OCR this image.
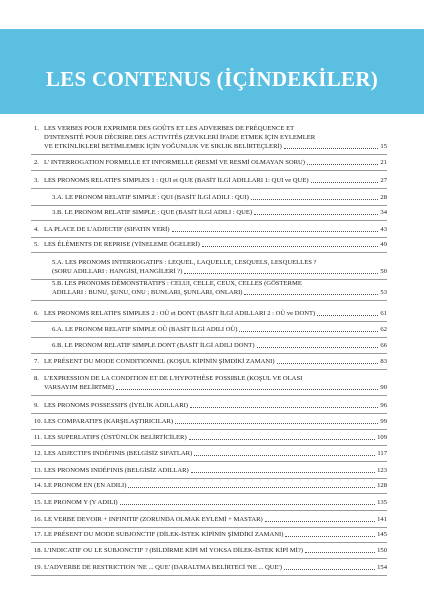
LES CONTENUS (İÇİNDEKİLER)
1. LES VERBES POUR EXPRIMER DES GOÛTS ET LES ADVERBES DE FRÉQUENCE ET
D'INTENSITÉ POUR DÉCRIRE DES ACTIVITÉS (ZEVKLERİ İFADE ETMEK İÇİN EYLEMLER
VE ETKİNLİKLERİ BETİMLEMEK İÇİN YOĞUNLUK VE SIKLIK BELİRTEÇLERİ)	15
2. L' INTERROGATION FORMELLE ET INFORMELLE (RESMİ VE RESMİ OLMAYAN SORU)	21
3. LES PRONOMS RELATIFS SIMPLES 1 : QUI et QUE (BASİT İLGİ ADILLARI 1: QUI ve QUE)	27
3.A. LE PRONOM RELATIF SIMPLE : QUI (BASİT İLGİ ADILI : QUI)	28
3.B. LE PRONOM RELATIF SIMPLE : QUE (BASİT İLGİ ADILI : QUE)	34
4. LA PLACE DE L'ADJECTIF (SIFATIN YERİ)	43
5. LES ÉLÉMENTS DE REPRISE (YİNELEME ÖGELERİ)	49
5.A. LES PRONOMS INTERROGATIFS : LEQUEL, LAQUELLE, LESQUELS, LESQUELLES ?
(SORU ADILLARI : HANGİSİ, HANGİLERİ ?)	50
5.B. LES PRONOMS DÉMONSTRATIFS : CELUI, CELLE, CEUX, CELLES (GÖSTERME
ADILLARI : BUNU, ŞUNU, ONU ; BUNLARI, ŞUNLARI, ONLARI)	53
6. LES PRONOMS RELATIFS SIMPLES 2 : OÙ et DONT (BASİT İLGİ ADILLARI 2 : OÙ ve DONT)	61
6.A. LE PRONOM RELATIF SIMPLE OÙ (BASİT İLGİ ADILI OÙ)	62
6.B. LE PRONOM RELATIF SIMPLE DONT (BASİT İLGİ ADILI DONT)	66
7. LE PRÉSENT DU MODE CONDITIONNEL (KOŞUL KİPİNİN ŞİMDİKİ ZAMANI)	83
8. L'EXPRESSION DE LA CONDITION ET DE L'HYPOTHÈSE POSSIBLE (KOŞUL VE OLASI
VARSAYIM BELİRTME)	90
9. LES PRONOMS POSSESSIFS (İYELİK ADILLARI)	96
10. LES COMPARATIFS (KARŞILAŞTIRICILAR)	99
11. LES SUPERLATIFS (ÜSTÜNLÜK BELİRTİCİLER)	109
12. LES ADJECTIFS INDÉFINIS (BELGİSİZ SIFATLAR)	117
13. LES PRONOMS INDÉFINIS (BELGİSİZ ADILLAR)	123
14. LE PRONOM EN (EN ADILI)	128
15. LE PRONOM Y (Y ADILI)	135
16. LE VERBE DEVOIR + INFINITIF (ZORUNDA OLMAK EYLEMİ + MASTAR)	141
17. LE PRÉSENT DU MODE SUBJONCTIF (DİLEK-İSTEK KİPİNİN ŞİMDİKİ ZAMANI)	145
18. L'INDICATIF OU LE SUBJONCTIF ? (BİLDİRME KİPİ Mİ YOKSA DİLEK-İSTEK KİPİ Mİ?)	150
19. L'ADVERBE DE RESTRICTION 'NE ... QUE' (DARALTMA BELİRTECİ 'NE ... QUE')	154
